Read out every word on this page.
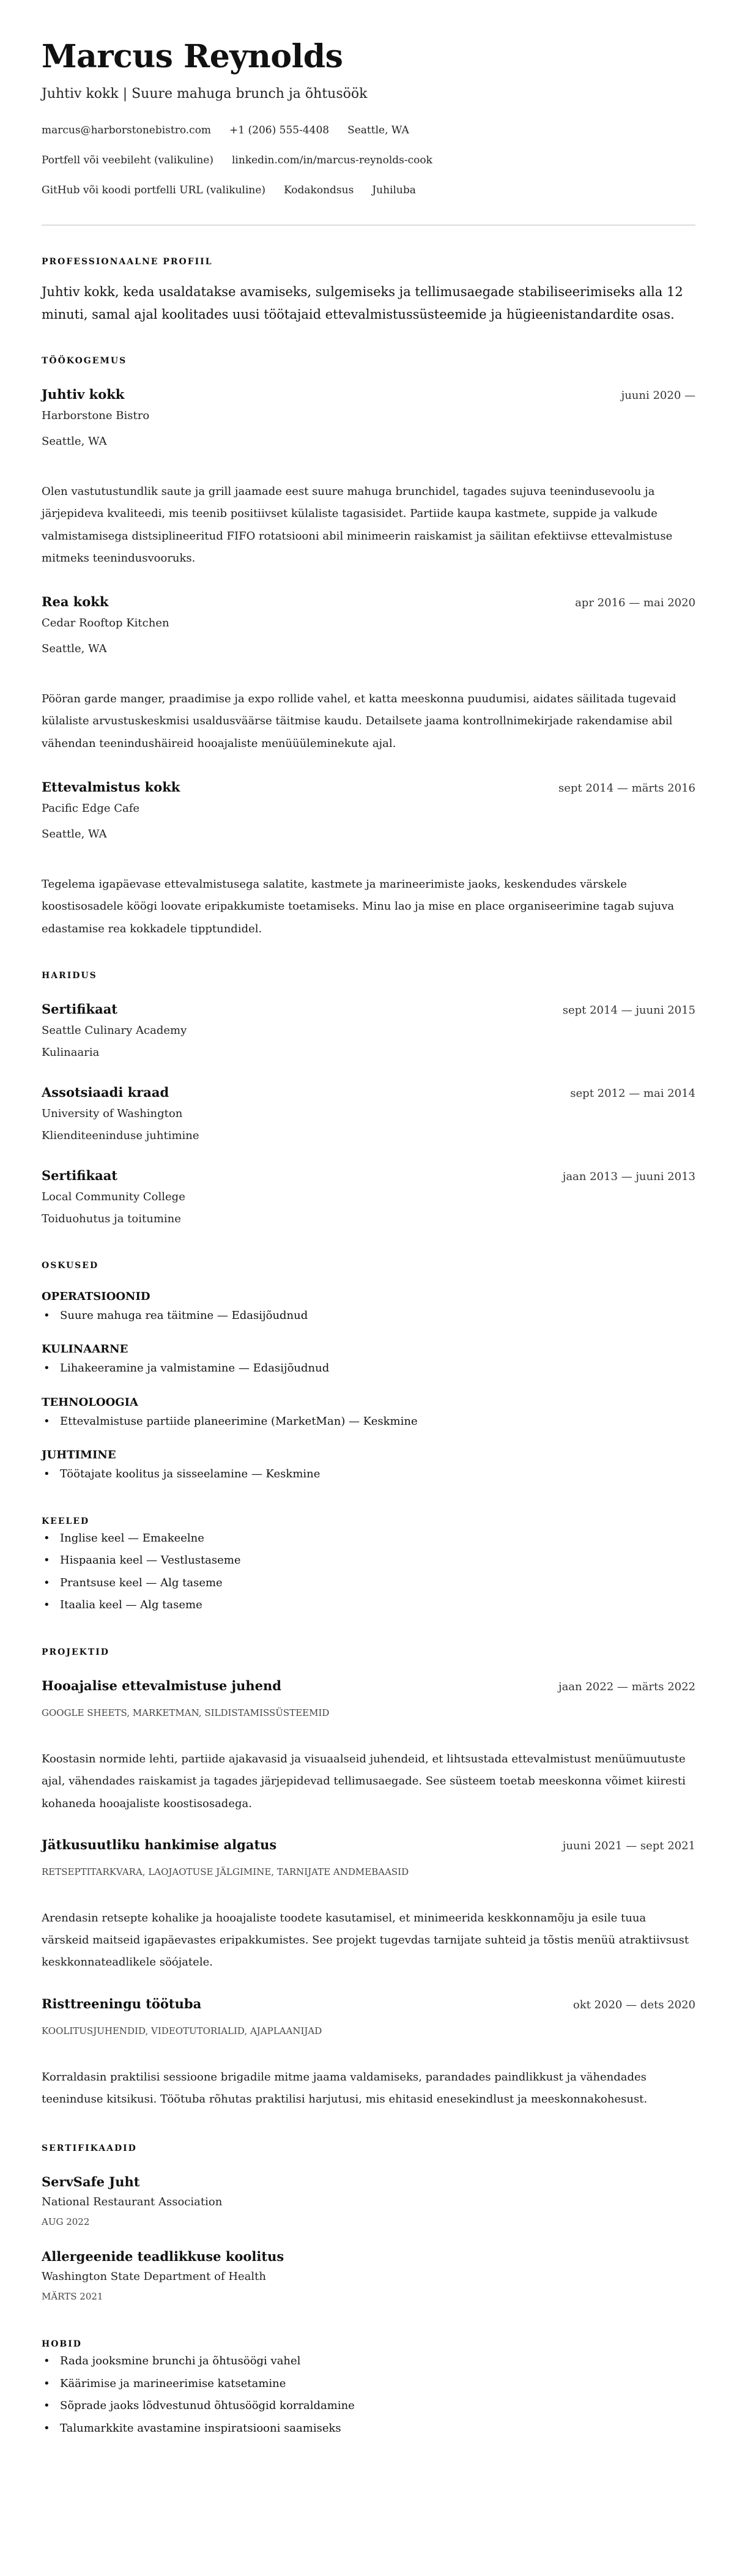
Marcus Reynolds
Juhtiv kokk | Suure mahuga brunch ja õhtusöök
marcus@harborstonebistro.com +1 (206) 555-4408 Seattle, WA
Portfell või veebileht (valikuline) linkedin.com/in/marcus-reynolds-cook
GitHub või koodi portfelli URL (valikuline) Kodakondsus Juhiluba
PROFESSIONAALNE PROFIIL

Juhtiv kokk, keda usaldatakse avamiseks, sulgemiseks ja tellimusaegade stabiliseerimiseks alla 12 minuti, samal ajal koolitades uusi töötajaid ettevalmistussüsteemide ja hügieenistandardite osas.

TÖÖKOGEMUS
Juhtiv kokk	juuni 2020 —
Harborstone Bistro
Seattle, WA
Olen vastutustundlik saute ja grill jaamade eest suure mahuga brunchidel, tagades sujuva teenindusevoolu ja järjepideva kvaliteedi, mis teenib positiivset külaliste tagasisidet. Partiide kaupa kastmete, suppide ja valkude valmistamisega distsiplineeritud FIFO rotatsiooni abil minimeerin raiskamist ja säilitan efektiivse ettevalmistuse mitmeks teenindusvooruks.
Rea kokk	apr 2016 — mai 2020
Cedar Rooftop Kitchen
Seattle, WA
Pööran garde manger, praadimise ja expo rollide vahel, et katta meeskonna puudumisi, aidates säilitada tugevaid külaliste arvustuskeskmisi usaldusväärse täitmise kaudu. Detailsete jaama kontrollnimekirjade rakendamise abil vähendan teenindushäireid hooajaliste menüüüleminekute ajal.
Ettevalmistus kokk	sept 2014 — märts 2016
Pacific Edge Cafe
Seattle, WA
Tegelema igapäevase ettevalmistusega salatite, kastmete ja marineerimiste jaoks, keskendudes värskele koostisosadele köögi loovate eripakkumiste toetamiseks. Minu lao ja mise en place organiseerimine tagab sujuva edastamise rea kokkadele tipptundidel.
HARIDUS
Sertifikaat	sept 2014 — juuni 2015
Seattle Culinary Academy
Kulinaaria
Assotsiaadi kraad	sept 2012 — mai 2014
University of Washington
Klienditeeninduse juhtimine
Sertifikaat	jaan 2013 — juuni 2013
Local Community College
Toiduohutus ja toitumine
OSKUSED
OPERATSIOONID
• Suure mahuga rea täitmine — Edasijõudnud
KULINAARNE
• Lihakeeramine ja valmistamine — Edasijõudnud
TEHNOLOOGIA
• Ettevalmistuse partiide planeerimine (MarketMan) — Keskmine
JUHTIMINE
• Töötajate koolitus ja sisseelamine — Keskmine
KEELED
• Inglise keel — Emakeelne
• Hispaania keel — Vestlustaseme
• Prantsuse keel — Alg taseme
• Itaalia keel — Alg taseme
PROJEKTID
Hooajalise ettevalmistuse juhend	jaan 2022 — märts 2022
GOOGLE SHEETS, MARKETMAN, SILDISTAMISSÜSTEEMID
Koostasin normide lehti, partiide ajakavasid ja visuaalseid juhendeid, et lihtsustada ettevalmistust menüümuutuste ajal, vähendades raiskamist ja tagades järjepidevad tellimusaegade. See süsteem toetab meeskonna võimet kiiresti kohaneda hooajaliste koostisosadega.
Jätkusuutliku hankimise algatus	juuni 2021 — sept 2021
RETSEPTITARKVARA, LAOJAOTUSE JÄLGIMINE, TARNIJATE ANDMEBAASID
Arendasin retsepte kohalike ja hooajaliste toodete kasutamisel, et minimeerida keskkonnamõju ja esile tuua värskeid maitseid igapäevastes eripakkumistes. See projekt tugevdas tarnijate suhteid ja tõstis menüü atraktiivsust keskkonnateadlikele söójatele.
Risttreeningu töötuba	okt 2020 — dets 2020
KOOLITUSJUHENDID, VIDEOTUTORIALID, AJAPLAANIJAD
Korraldasin praktilisi sessioone brigadile mitme jaama valdamiseks, parandades paindlikkust ja vähendades teeninduse kitsikusi. Töötuba rõhutas praktilisi harjutusi, mis ehitasid enesekindlust ja meeskonnakohesust.
SERTIFIKAADID
ServSafe Juht
National Restaurant Association
AUG 2022
Allergeenide teadlikkuse koolitus
Washington State Department of Health
MÄRTS 2021
HOBID
• Rada jooksmine brunchi ja õhtusöögi vahel
• Käärimise ja marineerimise katsetamine
• Sõprade jaoks lõdvestunud õhtusöögid korraldamine
• Talumarkkite avastamine inspiratsiooni saamiseks
